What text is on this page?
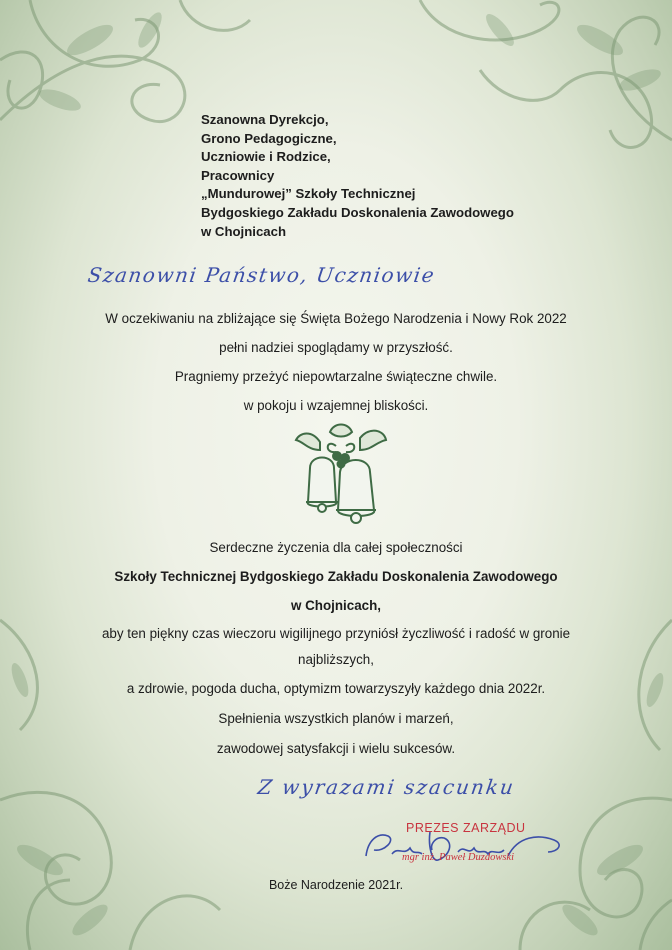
Szanowna Dyrekcjo,
Grono Pedagogiczne,
Uczniowie i Rodzice,
Pracownicy
„Mundurowej” Szkoły Technicznej
Bydgoskiego Zakładu Doskonalenia Zawodowego
w Chojnicach
Szanowni Państwo, Uczniowie
W oczekiwaniu na zbliżające się Święta Bożego Narodzenia i Nowy Rok 2022
pełni nadziei spoglądamy w przyszłość.
Pragniemy przeżyć niepowtarzalne świąteczne chwile.
w pokoju i wzajemnej bliskości.
Serdeczne życzenia dla całej społeczności
Szkoły Technicznej Bydgoskiego Zakładu Doskonalenia Zawodowego
w Chojnicach,
aby ten piękny czas wieczoru wigilijnego przyniósł życzliwość i radość w gronie
najbliższych,
a zdrowie, pogoda ducha, optymizm towarzyszyły każdego dnia 2022r.
Spełnienia wszystkich planów i marzeń,
zawodowej satysfakcji i wielu sukcesów.
Z wyrazami szacunku
PREZES ZARZĄDU
mgr inż. Paweł Duzdowski
Boże Narodzenie 2021r.
